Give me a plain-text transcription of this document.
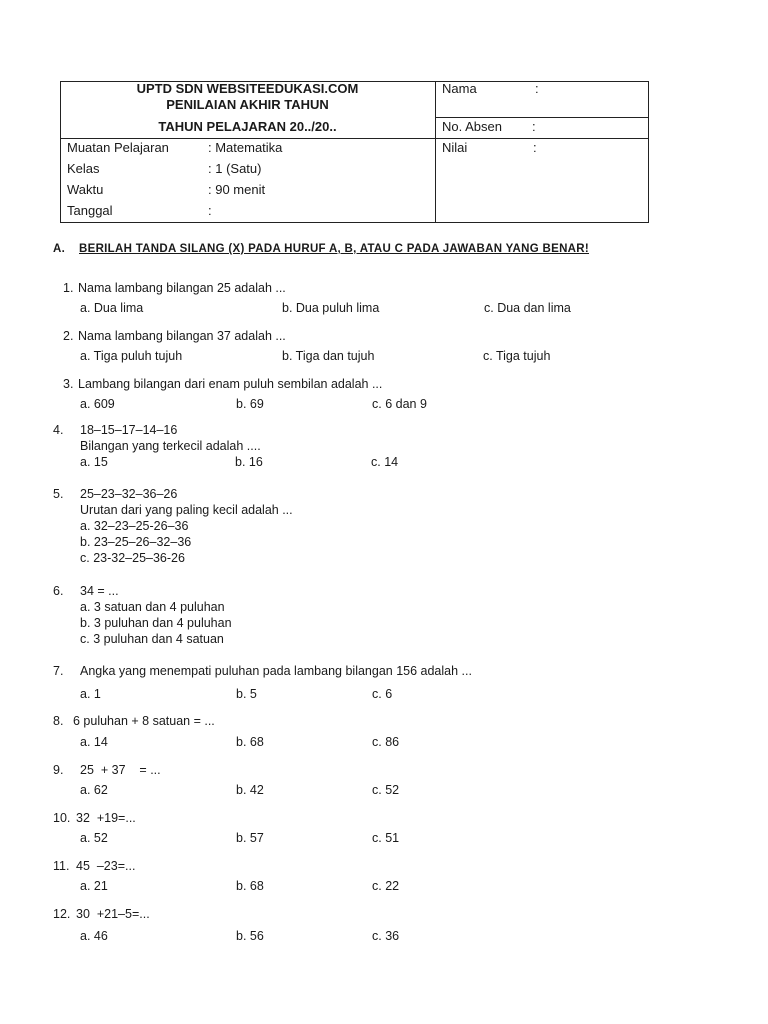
UPTD SDN WEBSITEEDUKASI.COM
PENILAIAN AKHIR TAHUN
TAHUN PELAJARAN 20../20..
Nama	:
No. Absen :
Nilai	:
Muatan Pelajaran	: Matematika
Kelas	: 1 (Satu)
Waktu	: 90 menit
Tanggal	:
A. BERILAH TANDA SILANG (X) PADA HURUF A, B, ATAU C PADA JAWABAN YANG BENAR!
1. Nama lambang bilangan 25 adalah ...
a. Dua lima	b. Dua puluh lima	c. Dua dan lima
2. Nama lambang bilangan 37 adalah ...
a. Tiga puluh tujuh	b. Tiga dan tujuh	c. Tiga tujuh
3. Lambang bilangan dari enam puluh sembilan adalah ...
a. 609	b. 69	c. 6 dan 9
4. 18–15–17–14–16
Bilangan yang terkecil adalah ....
a. 15	b. 16	c. 14
5. 25–23–32–36–26
Urutan dari yang paling kecil adalah ...
a. 32–23–25-26–36
b. 23–25–26–32–36
c. 23-32–25–36-26
6. 34 = ...
a. 3 satuan dan 4 puluhan
b. 3 puluhan dan 4 puluhan
c. 3 puluhan dan 4 satuan
7. Angka yang menempati puluhan pada lambang bilangan 156 adalah ...
a. 1	b. 5	c. 6
8. 6 puluhan + 8 satuan = ...
a. 14	b. 68	c. 86
9. 25  + 37    = ...
a. 62	b. 42	c. 52
10. 32  +19=...
a. 52	b. 57	c. 51
11. 45  –23=...
a. 21	b. 68	c. 22
12. 30  +21–5=...
a. 46	b. 56	c. 36
